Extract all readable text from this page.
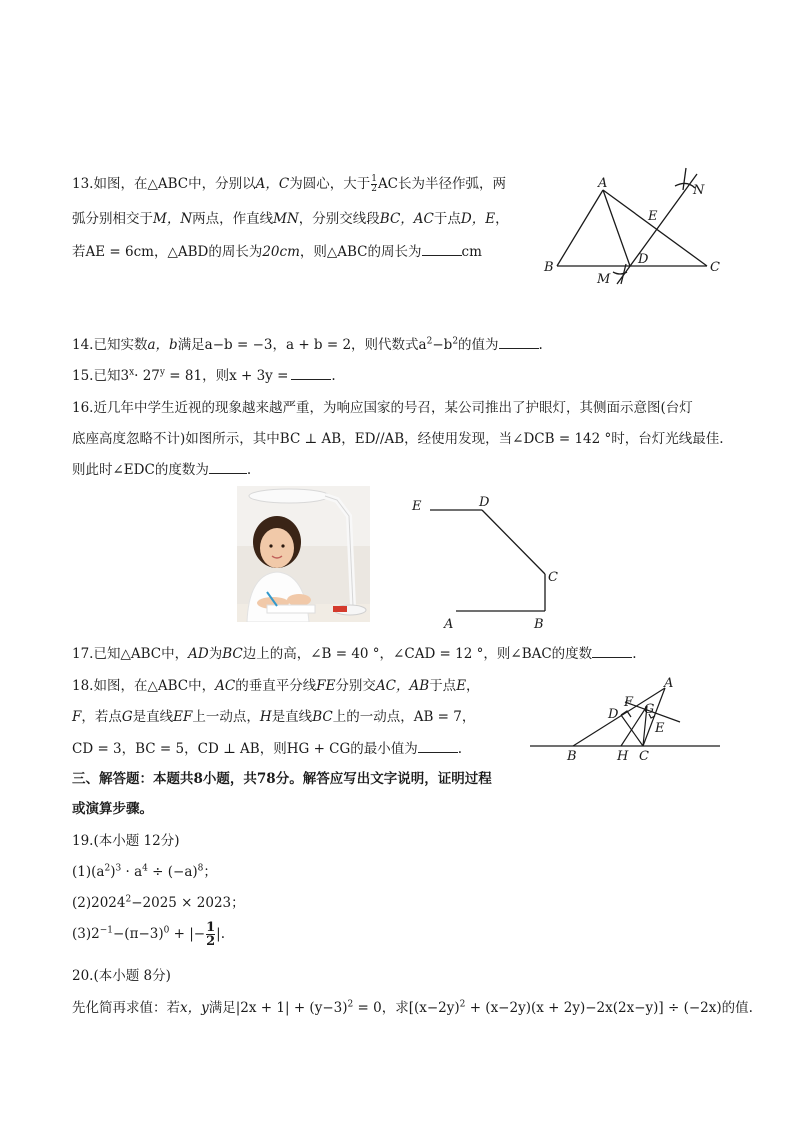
13.如图，在△ABC中，分别以A，C为圆心，大于 $\frac{1}{2}$ AC长为半径作弧，两
弧分别相交于M，N两点，作直线MN，分别交线段BC，AC于点D，E，
若AE = 6cm，△ABD的周长为20cm，则△ABC的周长为	cm
A
B	C
D
E
M
N
14.已知实数a，b满足a−b = −3，a + b = 2，则代数式$a^2-b^2$的值为	.
15.已知$3^x\cdot 27^y = 81$，则x + 3y =	.
16.近几年中学生近视的现象越来越严重，为响应国家的号召，某公司推出了护眼灯，其侧面示意图(台灯
底座高度忽略不计)如图所示，其中BC ⊥ AB，ED//AB，经使用发现，当∠DCB = 142 °时，台灯光线最佳.
则此时∠EDC的度数为	.
E	D
C
A	B
17.已知△ABC中，AD为BC边上的高，∠B = 40 °，∠CAD = 12 °，则∠BAC的度数	.
18.如图，在△ABC中，AC的垂直平分线FE分别交AC，AB于点E，
F，若点G是直线EF上一动点，H是直线BC上的一动点，AB = 7，
CD = 3，BC = 5，CD ⊥ AB，则HG + CG的最小值为	.
A
B	C
D
E
F G
H
三、解答题：本题共8小题，共78分。解答应写出文字说明，证明过程
或演算步骤。
19.(本小题 12分)
$(1)(a^2)^3 \cdot a^4 \div (-a)^8$；
$(2)2024^2-2025 \times 2023$；
$(3)2^{-1}-(\pi-3)^0$ + |− $\frac{1}{2}$ |.
20.(本小题 8分)
先化简再求值：若x，y满足$|2x + 1| + (y-3)^2 = 0$，求$[(x-2y)^2 + (x-2y)(x + 2y)-2x(2x-y)] \div (-2x)$的值.
